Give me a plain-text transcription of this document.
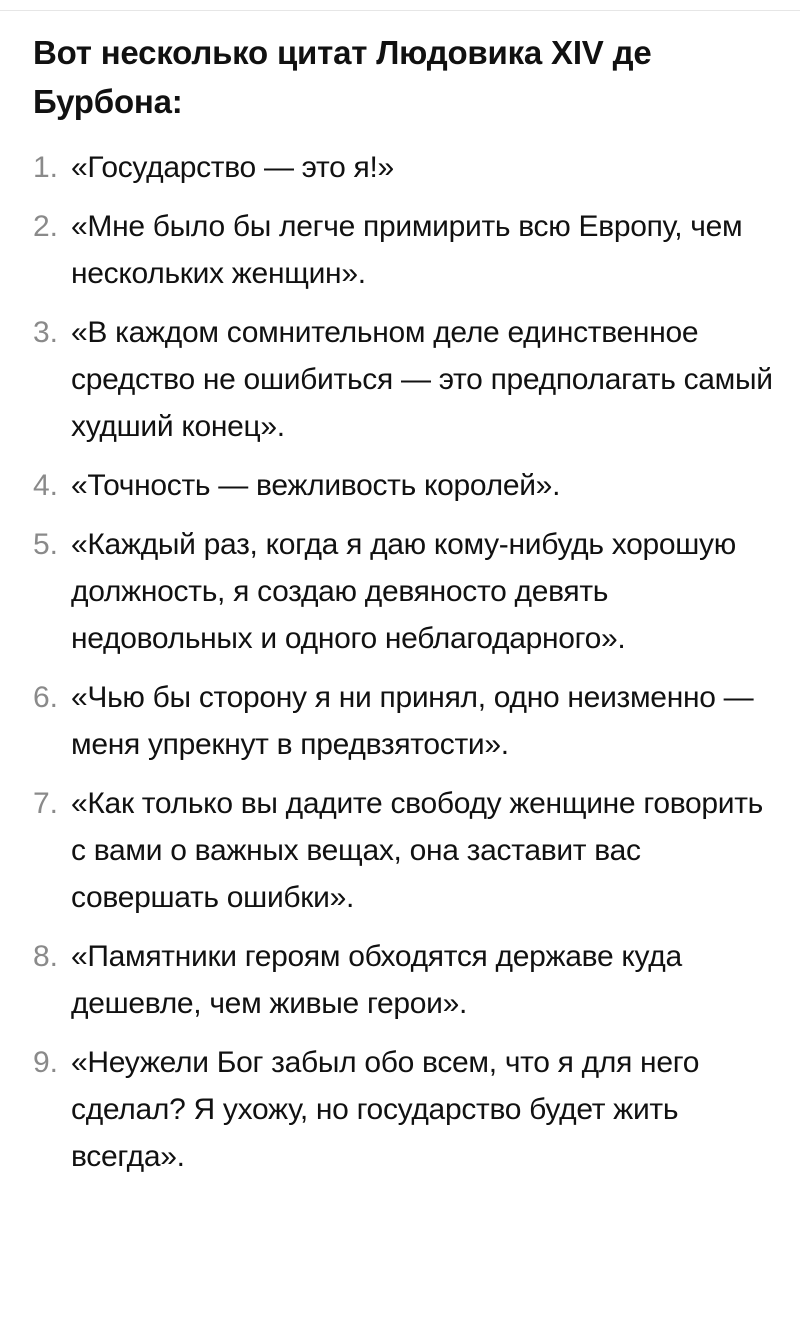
Вот несколько цитат Людовика XIV де Бурбона:
1. «Государство — это я!»
2. «Мне было бы легче примирить всю Европу, чем нескольких женщин».
3. «В каждом сомнительном деле единственное средство не ошибиться — это предполагать самый худший конец».
4. «Точность — вежливость королей».
5. «Каждый раз, когда я даю кому-нибудь хорошую должность, я создаю девяносто девять недовольных и одного неблагодарного».
6. «Чью бы сторону я ни принял, одно неизменно — меня упрекнут в предвзятости».
7. «Как только вы дадите свободу женщине говорить с вами о важных вещах, она заставит вас совершать ошибки».
8. «Памятники героям обходятся державе куда дешевле, чем живые герои».
9. «Неужели Бог забыл обо всем, что я для него сделал? Я ухожу, но государство будет жить всегда».
